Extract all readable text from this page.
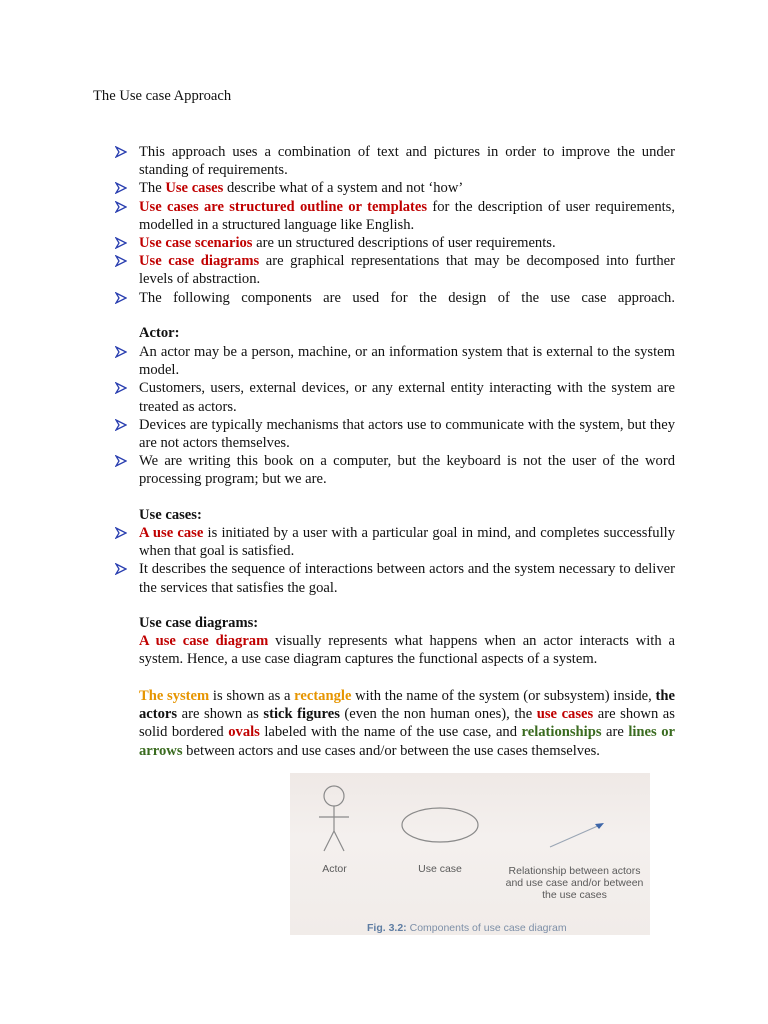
The Use case Approach
This approach uses a combination of text and pictures in order to improve the under standing of requirements.
The Use cases describe what of a system and not ‘how’
Use cases are structured outline or templates for the description of user requirements, modelled in a structured language like English.
Use case scenarios are un structured descriptions of user requirements.
Use case diagrams are graphical representations that may be decomposed into further levels of abstraction.
The following components are used for the design of the use case approach.
Actor:
An actor may be a person, machine, or an information system that is external to the system model.
Customers, users, external devices, or any external entity interacting with the system are treated as actors.
Devices are typically mechanisms that actors use to communicate with the system, but they are not actors themselves.
We are writing this book on a computer, but the keyboard is not the user of the word processing program; but we are.
Use cases:
A use case is initiated by a user with a particular goal in mind, and completes successfully when that goal is satisfied.
It describes the sequence of interactions between actors and the system necessary to deliver the services that satisfies the goal.
Use case diagrams:
A use case diagram visually represents what happens when an actor interacts with a system. Hence, a use case diagram captures the functional aspects of a system.
The system is shown as a rectangle with the name of the system (or subsystem) inside, the actors are shown as stick figures (even the non human ones), the use cases are shown as solid bordered ovals labeled with the name of the use case, and relationships are lines or arrows between actors and use cases and/or between the use cases themselves.
Actor	Use case	Relationship between actors and use case and/or between the use cases
Fig. 3.2: Components of use case diagram
